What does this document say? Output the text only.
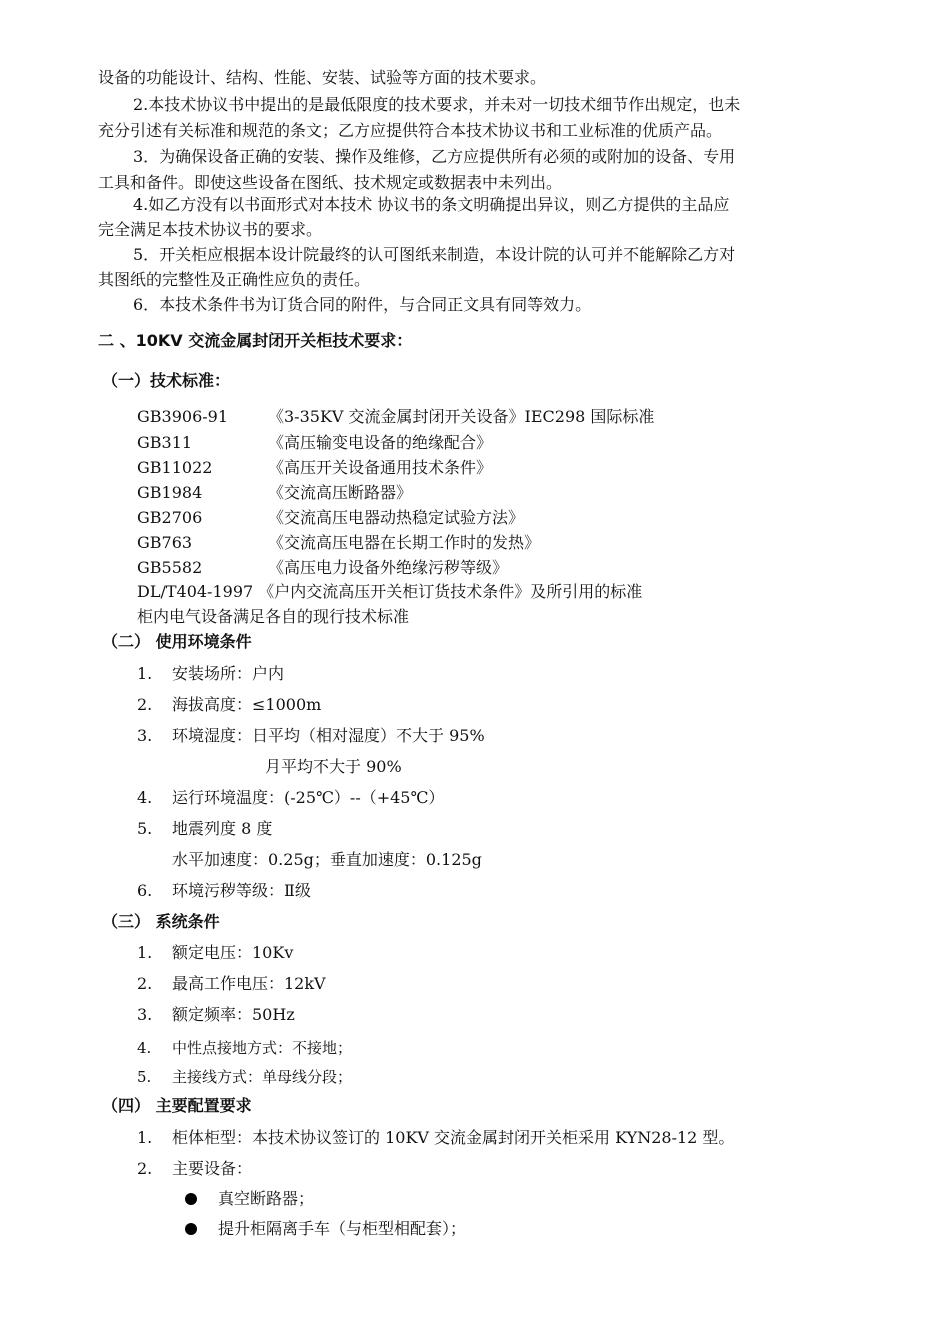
设备的功能设计、结构、性能、安装、试验等方面的技术要求。
2.本技术协议书中提出的是最低限度的技术要求，并未对一切技术细节作出规定，也未
充分引述有关标准和规范的条文；乙方应提供符合本技术协议书和工业标准的优质产品。
3．为确保设备正确的安装、操作及维修，乙方应提供所有必须的或附加的设备、专用
工具和备件。即使这些设备在图纸、技术规定或数据表中未列出。
4.如乙方没有以书面形式对本技术 协议书的条文明确提出异议，则乙方提供的主品应
完全满足本技术协议书的要求。
5．开关柜应根据本设计院最终的认可图纸来制造，本设计院的认可并不能解除乙方对
其图纸的完整性及正确性应负的责任。
6．本技术条件书为订货合同的附件，与合同正文具有同等效力。
二 、10KV 交流金属封闭开关柜技术要求：
（一）技术标准：
GB3906-91 《3-35KV 交流金属封闭开关设备》IEC298 国际标准
GB311	《高压输变电设备的绝缘配合》
GB11022	《高压开关设备通用技术条件》
GB1984	《交流高压断路器》
GB2706	《交流高压电器动热稳定试验方法》
GB763	《交流高压电器在长期工作时的发热》
GB5582	《高压电力设备外绝缘污秽等级》
DL/T404-1997 《户内交流高压开关柜订货技术条件》及所引用的标准
柜内电气设备满足各自的现行技术标准
（二） 使用环境条件
1. 安装场所：户内
2. 海拔高度：≤1000m
3. 环境湿度：日平均（相对湿度）不大于 95%
月平均不大于 90%
4. 运行环境温度：(-25℃）--（+45℃）
5. 地震列度 8 度
水平加速度：0.25g；垂直加速度：0.125g
6. 环境污秽等级：Ⅱ级
（三） 系统条件
1. 额定电压：10Kv
2. 最高工作电压：12kV
3. 额定频率：50Hz
4. 中性点接地方式：不接地；
5. 主接线方式：单母线分段；
（四） 主要配置要求
1. 柜体柜型：本技术协议签订的 10KV 交流金属封闭开关柜采用 KYN28-12 型。
2. 主要设备：
真空断路器；
提升柜隔离手车（与柜型相配套）；
